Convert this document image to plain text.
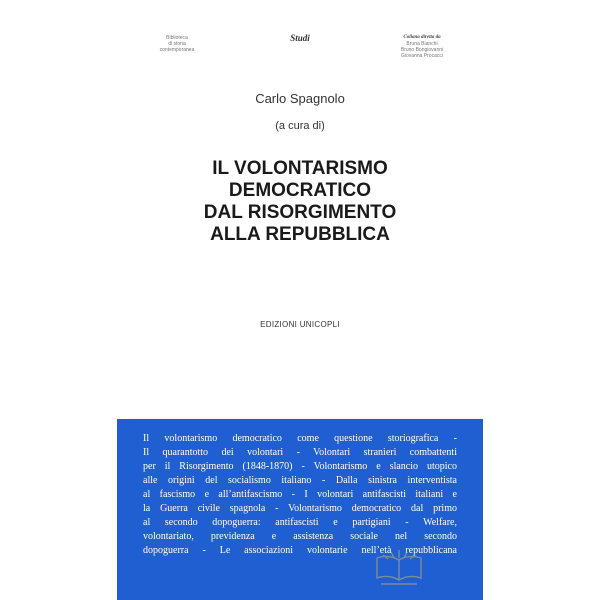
Biblioteca
di storia
contemporanea
Studi	Collana diretta da
Bruna Bianchi
Bruno Bongiovanni
Giovanna Procacci
Carlo Spagnolo
(a cura di)
IL VOLONTARISMO
DEMOCRATICO
DAL RISORGIMENTO
ALLA REPUBBLICA
EDIZIONI UNICOPLI
Il volontarismo democratico come questione storiografica -
Il quarantotto dei volontari - Volontari stranieri combattenti
per il Risorgimento (1848-1870) - Volontarismo e slancio utopico
alle origini del socialismo italiano - Dalla sinistra interventista
al fascismo e all’antifascismo - I volontari antifascisti italiani e
la Guerra civile spagnola - Volontarismo democratico dal primo
al secondo dopoguerra: antifascisti e partigiani - Welfare,
volontariato, previdenza e assistenza sociale nel secondo
dopoguerra - Le associazioni volontarie nell’età repubblicana
